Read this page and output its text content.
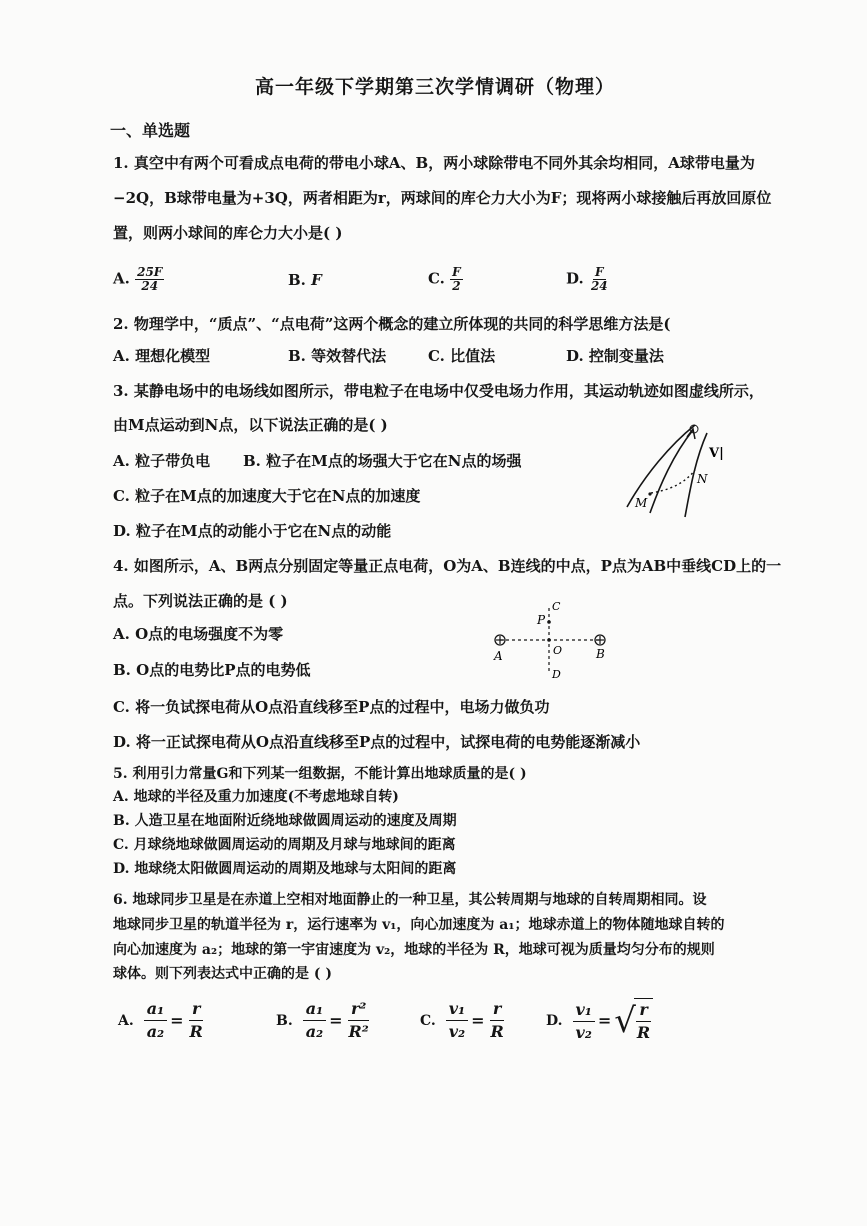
高一年级下学期第三次学情调研（物理）
一、单选题
1. 真空中有两个可看成点电荷的带电小球A、B，两小球除带电不同外其余均相同，A球带电量为
−2Q，B球带电量为+3Q，两者相距为r，两球间的库仑力大小为F；现将两小球接触后再放回原位
置，则两小球间的库仑力大小是( )
A. $\frac{25F}{24}$	B. F	C. $\frac{F}{2}$	D. $\frac{F}{24}$
2. 物理学中，“质点”、“点电荷”这两个概念的建立所体现的共同的科学思维方法是(
A. 理想化模型	B. 等效替代法	C. 比值法	D. 控制变量法
3. 某静电场中的电场线如图所示，带电粒子在电场中仅受电场力作用，其运动轨迹如图虚线所示，
由M点运动到N点，以下说法正确的是( )
A. 粒子带负电 B. 粒子在M点的场强大于它在N点的场强
C. 粒子在M点的加速度大于它在N点的加速度
D. 粒子在M点的动能小于它在N点的动能
M
N
V|
4. 如图所示，A、B两点分别固定等量正点电荷，O为A、B连线的中点，P点为AB中垂线CD上的一
点。下列说法正确的是 ( )
A. O点的电场强度不为零
B. O点的电势比P点的电势低
C. 将一负试探电荷从O点沿直线移至P点的过程中，电场力做负功
D. 将一正试探电荷从O点沿直线移至P点的过程中，试探电荷的电势能逐渐减小
A	B
C
D
O
P
5. 利用引力常量G和下列某一组数据，不能计算出地球质量的是( )
A. 地球的半径及重力加速度(不考虑地球自转)
B. 人造卫星在地面附近绕地球做圆周运动的速度及周期
C. 月球绕地球做圆周运动的周期及月球与地球间的距离
D. 地球绕太阳做圆周运动的周期及地球与太阳间的距离
6. 地球同步卫星是在赤道上空相对地面静止的一种卫星，其公转周期与地球的自转周期相同。设
地球同步卫星的轨道半径为 r，运行速率为 v₁，向心加速度为 a₁；地球赤道上的物体随地球自转的
向心加速度为 a₂；地球的第一宇宙速度为 v₂，地球的半径为 R，地球可视为质量均匀分布的规则
球体。则下列表达式中正确的是 ( )
A. $\frac{\text{a₁}}{\text{a₂}} = \frac{r}{R}$	B. $\frac{\text{a₁}}{\text{a₂}} = \frac{\text{r²}}{\text{R²}}$	C. $\frac{\text{v₁}}{\text{v₂}} = \frac{r}{R}$	D. $\frac{\text{v₁}}{\text{v₂}}$ = √
$\frac{r}{R}$
